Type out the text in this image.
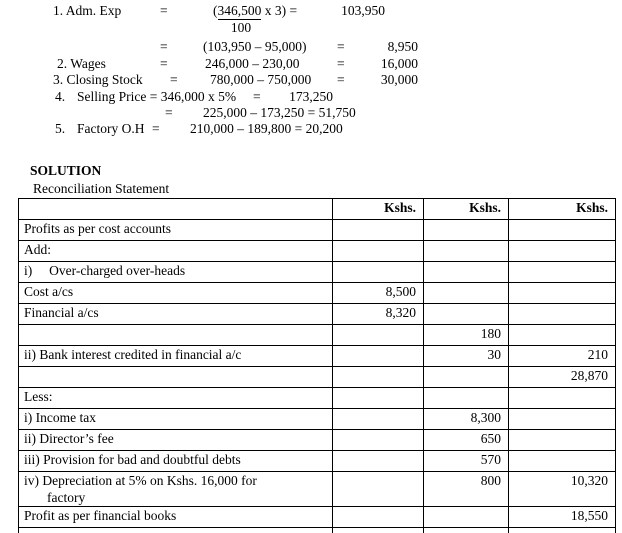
1. Adm. Exp	=	(346,500 x 3) =	103,950
100
=	(103,950 – 95,000) =	8,950
2. Wages	=	246,000 – 230,00	=	16,000
3. Closing Stock = 780,000 – 750,000 =	30,000
4. Selling Price = 346,000 x 5% =	173,250
= 225,000 – 173,250 = 51,750
5. Factory O.H = 210,000 – 189,800 = 20,200
SOLUTION
Reconciliation Statement
	Kshs.	Kshs.	Kshs.
Profits as per cost accounts			
Add:			
i)     Over-charged over-heads			
Cost a/cs	8,500		
Financial a/cs	8,320		
		180	
ii) Bank interest credited in financial a/c		30	210
			28,870
Less:			
i) Income tax		8,300	
ii) Director’s fee		650	
iii) Provision for bad and doubtful debts		570	
iv) Depreciation at 5% on Kshs. 16,000 for
factory		800	10,320
Profit as per financial books			18,550
